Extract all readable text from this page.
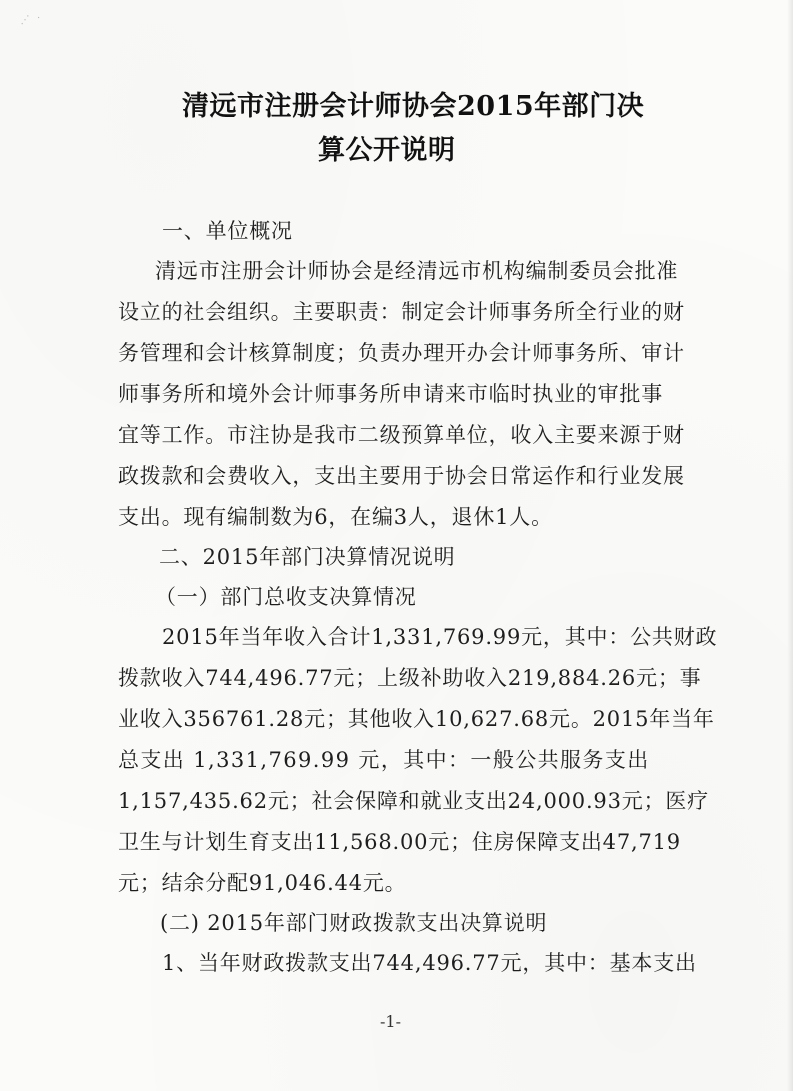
⋰ ·
清远市注册会计师协会2015年部门决
算公开说明
一、单位概况
清远市注册会计师协会是经清远市机构编制委员会批准
设立的社会组织。主要职责：制定会计师事务所全行业的财
务管理和会计核算制度；负责办理开办会计师事务所、审计
师事务所和境外会计师事务所申请来市临时执业的审批事
宜等工作。市注协是我市二级预算单位，收入主要来源于财
政拨款和会费收入，支出主要用于协会日常运作和行业发展
支出。现有编制数为6，在编3人，退休1人。
二、2015年部门决算情况说明
（一）部门总收支决算情况
2015年当年收入合计1,331,769.99元，其中：公共财政
拨款收入744,496.77元；上级补助收入219,884.26元；事
业收入356761.28元；其他收入10,627.68元。2015年当年
总支出 1,331,769.99 元，其中：一般公共服务支出
1,157,435.62元；社会保障和就业支出24,000.93元；医疗
卫生与计划生育支出11,568.00元；住房保障支出47,719
元；结余分配91,046.44元。
(二) 2015年部门财政拨款支出决算说明
1、当年财政拨款支出744,496.77元，其中：基本支出
-1-
